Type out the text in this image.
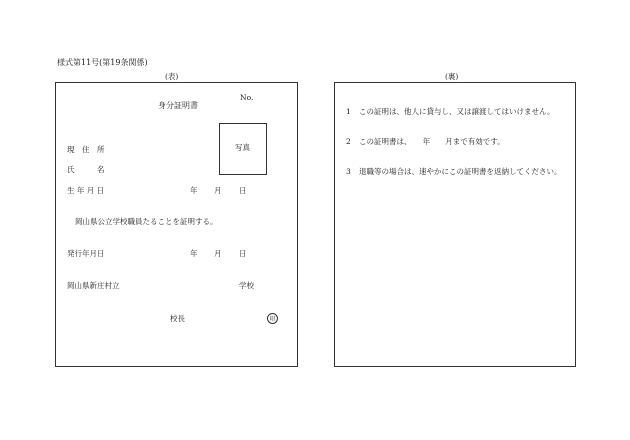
様式第11号(第19条関係)
(表)
No.
身分証明書
写真
現　住　所
氏　　　名
生 年 月 日	年 月 日
岡山県公立学校職員たることを証明する。
発行年月日	年 月 日
岡山県新庄村立	学校
校長	印
(裏)
1 この証明は、他人に貸与し、又は譲渡してはいけません。
2 この証明書は、　　年　　月まで有効です。
3 退職等の場合は、速やかにこの証明書を返納してください。
